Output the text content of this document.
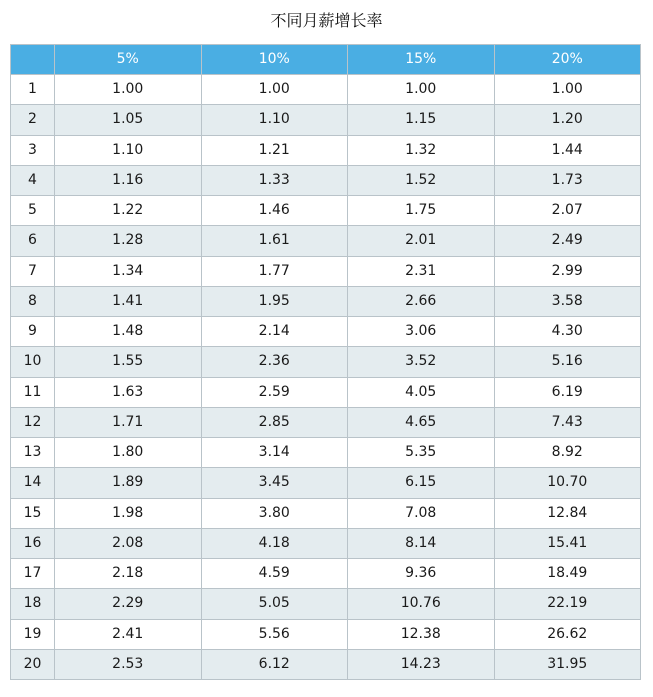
不同月薪增长率
	5%	10%	15%	20%
1	1.00	1.00	1.00	1.00
2	1.05	1.10	1.15	1.20
3	1.10	1.21	1.32	1.44
4	1.16	1.33	1.52	1.73
5	1.22	1.46	1.75	2.07
6	1.28	1.61	2.01	2.49
7	1.34	1.77	2.31	2.99
8	1.41	1.95	2.66	3.58
9	1.48	2.14	3.06	4.30
10	1.55	2.36	3.52	5.16
11	1.63	2.59	4.05	6.19
12	1.71	2.85	4.65	7.43
13	1.80	3.14	5.35	8.92
14	1.89	3.45	6.15	10.70
15	1.98	3.80	7.08	12.84
16	2.08	4.18	8.14	15.41
17	2.18	4.59	9.36	18.49
18	2.29	5.05	10.76	22.19
19	2.41	5.56	12.38	26.62
20	2.53	6.12	14.23	31.95
